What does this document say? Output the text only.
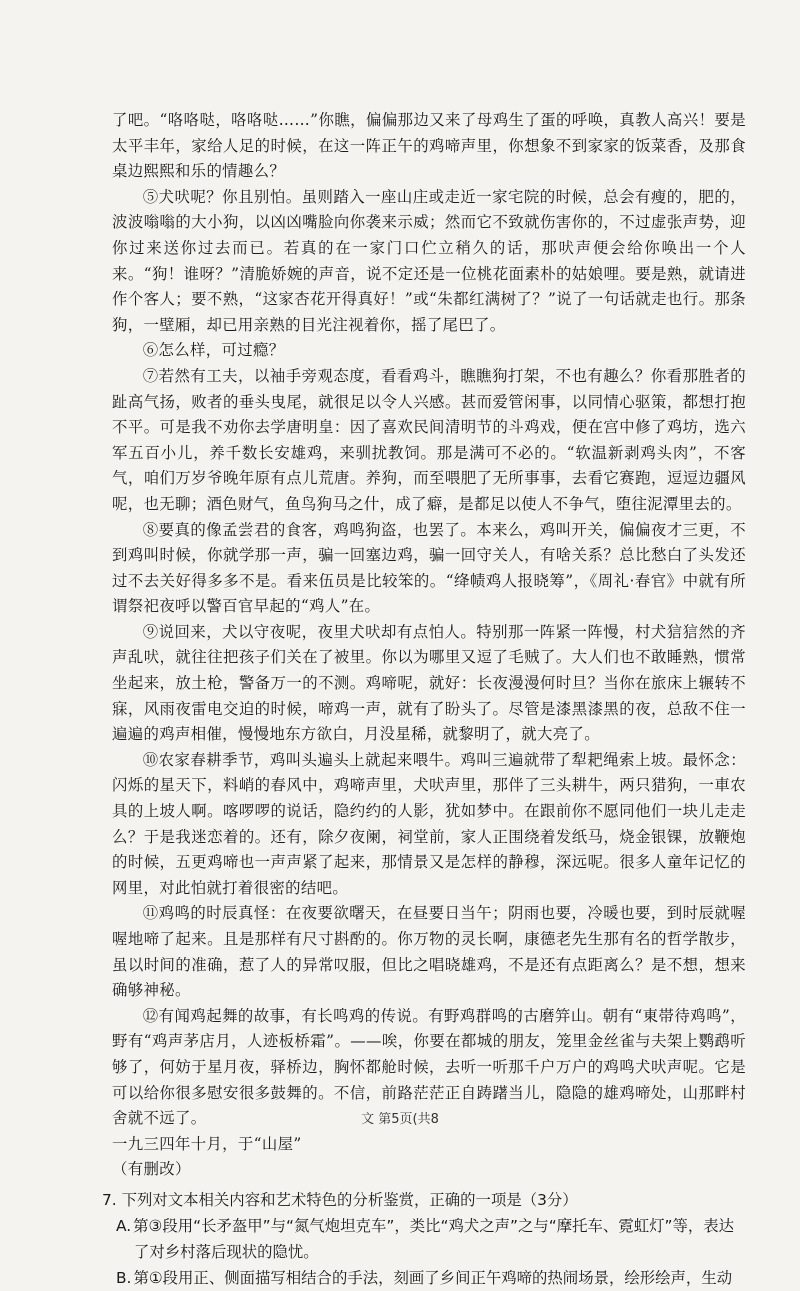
了吧。“咯咯哒，咯咯哒……”你瞧，偏偏那边又来了母鸡生了蛋的呼唤，真教人高兴！要是太平丰年，家给人足的时候，在这一阵正午的鸡啼声里，你想象不到家家的饭菜香，及那食桌边熙熙和乐的情趣么？

⑤犬吠呢？你且别怕。虽则踏入一座山庄或走近一家宅院的时候，总会有瘦的，肥的，波波嗡嗡的大小狗，以凶凶嘴脸向你袭来示威；然而它不致就伤害你的，不过虚张声势，迎你过来送你过去而已。若真的在一家门口伫立稍久的话，那吠声便会给你唤出一个人来。“狗！谁呀？”清脆娇婉的声音，说不定还是一位桃花面素朴的姑娘哩。要是熟，就请进作个客人；要不熟，“这家杏花开得真好！”或“朱都红满树了？”说了一句话就走也行。那条狗，一壁厢，却已用亲熟的目光注视着你，摇了尾巴了。

⑥怎么样，可过瘾？

⑦若然有工夫，以袖手旁观态度，看看鸡斗，瞧瞧狗打架，不也有趣么？你看那胜者的趾高气扬，败者的垂头曳尾，就很足以令人兴感。甚而爱管闲事，以同情心驱策，都想打抱不平。可是我不劝你去学唐明皇：因了喜欢民间清明节的斗鸡戏，便在宫中修了鸡坊，选六军五百小儿，养千数长安雄鸡，来驯扰教饲。那是满可不必的。“软温新剥鸡头肉”，不客气，咱们万岁爷晚年原有点儿荒唐。养狗，而至喂肥了无所事事，去看它赛跑，逗逗边疆风呢，也无聊；酒色财气，鱼鸟狗马之什，成了癖，是都足以使人不争气，堕往泥潭里去的。

⑧要真的像孟尝君的食客，鸡鸣狗盗，也罢了。本来么，鸡叫开关，偏偏夜才三更，不到鸡叫时候，你就学那一声，骗一回塞边鸡，骗一回守关人，有啥关系？总比愁白了头发还过不去关好得多多不是。看来伍员是比较笨的。“绛帻鸡人报晓筹”，《周礼·春官》中就有所谓祭祀夜呼以警百官早起的“鸡人”在。

⑨说回来，犬以守夜呢，夜里犬吠却有点怕人。特别那一阵紧一阵慢，村犬狺狺然的齐声乱吠，就往往把孩子们关在了被里。你以为哪里又逗了毛贼了。大人们也不敢睡熟，惯常坐起来，放土枪，警备万一的不测。鸡啼呢，就好：长夜漫漫何时旦？当你在旅床上辗转不寐，风雨夜雷电交迫的时候，啼鸡一声，就有了盼头了。尽管是漆黑漆黑的夜，总敌不住一遍遍的鸡声相催，慢慢地东方欲白，月没星稀，就黎明了，就大亮了。

⑩农家春耕季节，鸡叫头遍头上就起来喂牛。鸡叫三遍就带了犁耙绳索上坡。最怀念：闪烁的星天下，料峭的春风中，鸡啼声里，犬吠声里，那伴了三头耕牛，两只猎狗，一車农具的上坡人啊。喀啰啰的说话，隐约约的人影，犹如梦中。在跟前你不愿同他们一块儿走走么？于是我迷恋着的。还有，除夕夜阑，祠堂前，家人正围绕着发纸马，烧金银锞，放鞭炮的时候，五更鸡啼也一声声紧了起来，那情景又是怎样的静穆，深远呢。很多人童年记忆的网里，对此怕就打着很密的结吧。

⑪鸡鸣的时辰真怪：在夜要欲曙天，在昼要日当午；阴雨也要，冷暖也要，到时辰就喔喔地啼了起来。且是那样有尺寸斟酌的。你万物的灵长啊，康德老先生那有名的哲学散步，虽以时间的准确，惹了人的异常叹服，但比之唱晓雄鸡，不是还有点距离么？是不想，想来确够神秘。

⑫有闻鸡起舞的故事，有长鸣鸡的传说。有野鸡群鸣的古磨笄山。朝有“東帯待鸡鸣”，野有“鸡声茅店月，人迹板桥霜”。——唉，你要在都城的朋友，笼里金丝雀与夫架上鹦鹉听够了，何妨于星月夜，驿桥边，胸怀都舱时候，去听一听那千户万户的鸡鸣犬吠声呢。它是可以给你很多慰安很多鼓舞的。不信，前路茫茫正自踌躇当儿，隐隐的雄鸡啼处，山那畔村舍就不远了。

一九三四年十月，于“山屋”

（有删改）

7. 下列对文本相关内容和艺术特色的分析鉴赏，正确的一项是（3分）

A. 第③段用“长矛盔甲”与“氮气炮坦克车”，类比“鸡犬之声”之与“摩托车、霓虹灯”等，表达了对乡村落后现状的隐忧。

B. 第①段用正、侧面描写相结合的手法，刻画了乡间正午鸡啼的热闹场景，绘形绘声，生动

文 第5页(共8
